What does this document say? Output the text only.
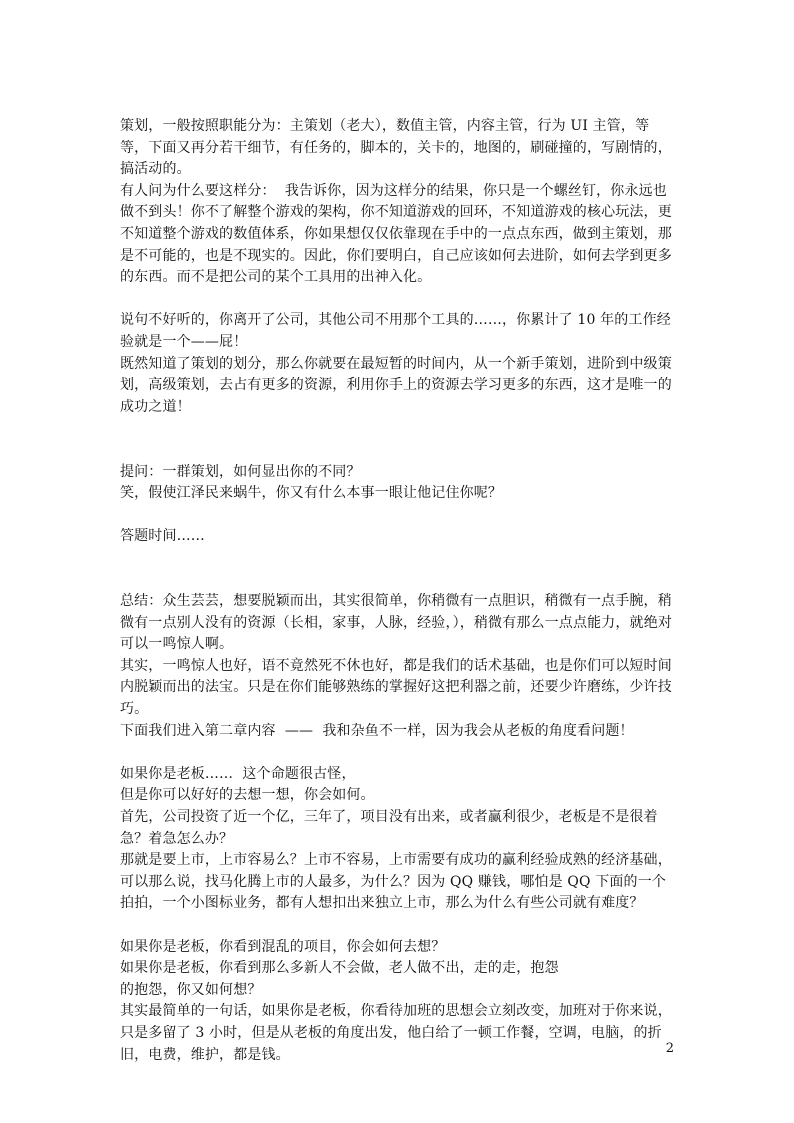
策划，一般按照职能分为：主策划（老大），数值主管，内容主管，行为 UI 主管，等等，下面又再分若干细节，有任务的，脚本的，关卡的，地图的，刷碰撞的，写剧情的，搞活动的。

有人问为什么要这样分：  我告诉你，因为这样分的结果，你只是一个螺丝钉，你永远也做不到头！你不了解整个游戏的架构，你不知道游戏的回环，不知道游戏的核心玩法，更不知道整个游戏的数值体系，你如果想仅仅依靠现在手中的一点点东西，做到主策划，那是不可能的，也是不现实的。因此，你们要明白，自己应该如何去进阶，如何去学到更多的东西。而不是把公司的某个工具用的出神入化。

说句不好听的，你离开了公司，其他公司不用那个工具的……，你累计了 10 年的工作经验就是一个——屁！

既然知道了策划的划分，那么你就要在最短暂的时间内，从一个新手策划，进阶到中级策划，高级策划，去占有更多的资源，利用你手上的资源去学习更多的东西，这才是唯一的成功之道！

提问：一群策划，如何显出你的不同？

笑，假使江泽民来蜗牛，你又有什么本事一眼让他记住你呢？

答题时间……

总结：众生芸芸，想要脱颖而出，其实很简单，你稍微有一点胆识，稍微有一点手腕，稍微有一点别人没有的资源（长相，家事，人脉，经验，），稍微有那么一点点能力，就绝对可以一鸣惊人啊。

其实，一鸣惊人也好，语不竟然死不休也好，都是我们的话术基础，也是你们可以短时间内脱颖而出的法宝。只是在你们能够熟练的掌握好这把利器之前，还要少许磨练，少许技巧。

下面我们进入第二章内容  ——  我和杂鱼不一样，因为我会从老板的角度看问题！

如果你是老板……  这个命题很古怪，

但是你可以好好的去想一想，你会如何。

首先，公司投资了近一个亿，三年了，项目没有出来，或者赢利很少，老板是不是很着急？着急怎么办？

那就是要上市，上市容易么？上市不容易，上市需要有成功的赢利经验成熟的经济基础，可以那么说，找马化腾上市的人最多，为什么？因为 QQ 赚钱，哪怕是 QQ 下面的一个拍拍，一个小图标业务，都有人想扣出来独立上市，那么为什么有些公司就有难度？

如果你是老板，你看到混乱的项目，你会如何去想？

如果你是老板，你看到那么多新人不会做，老人做不出，走的走，抱怨

的抱怨，你又如何想？

其实最简单的一句话，如果你是老板，你看待加班的思想会立刻改变，加班对于你来说，只是多留了 3 小时，但是从老板的角度出发，他白给了一顿工作餐，空调，电脑，的折旧，电费，维护，都是钱。	2
